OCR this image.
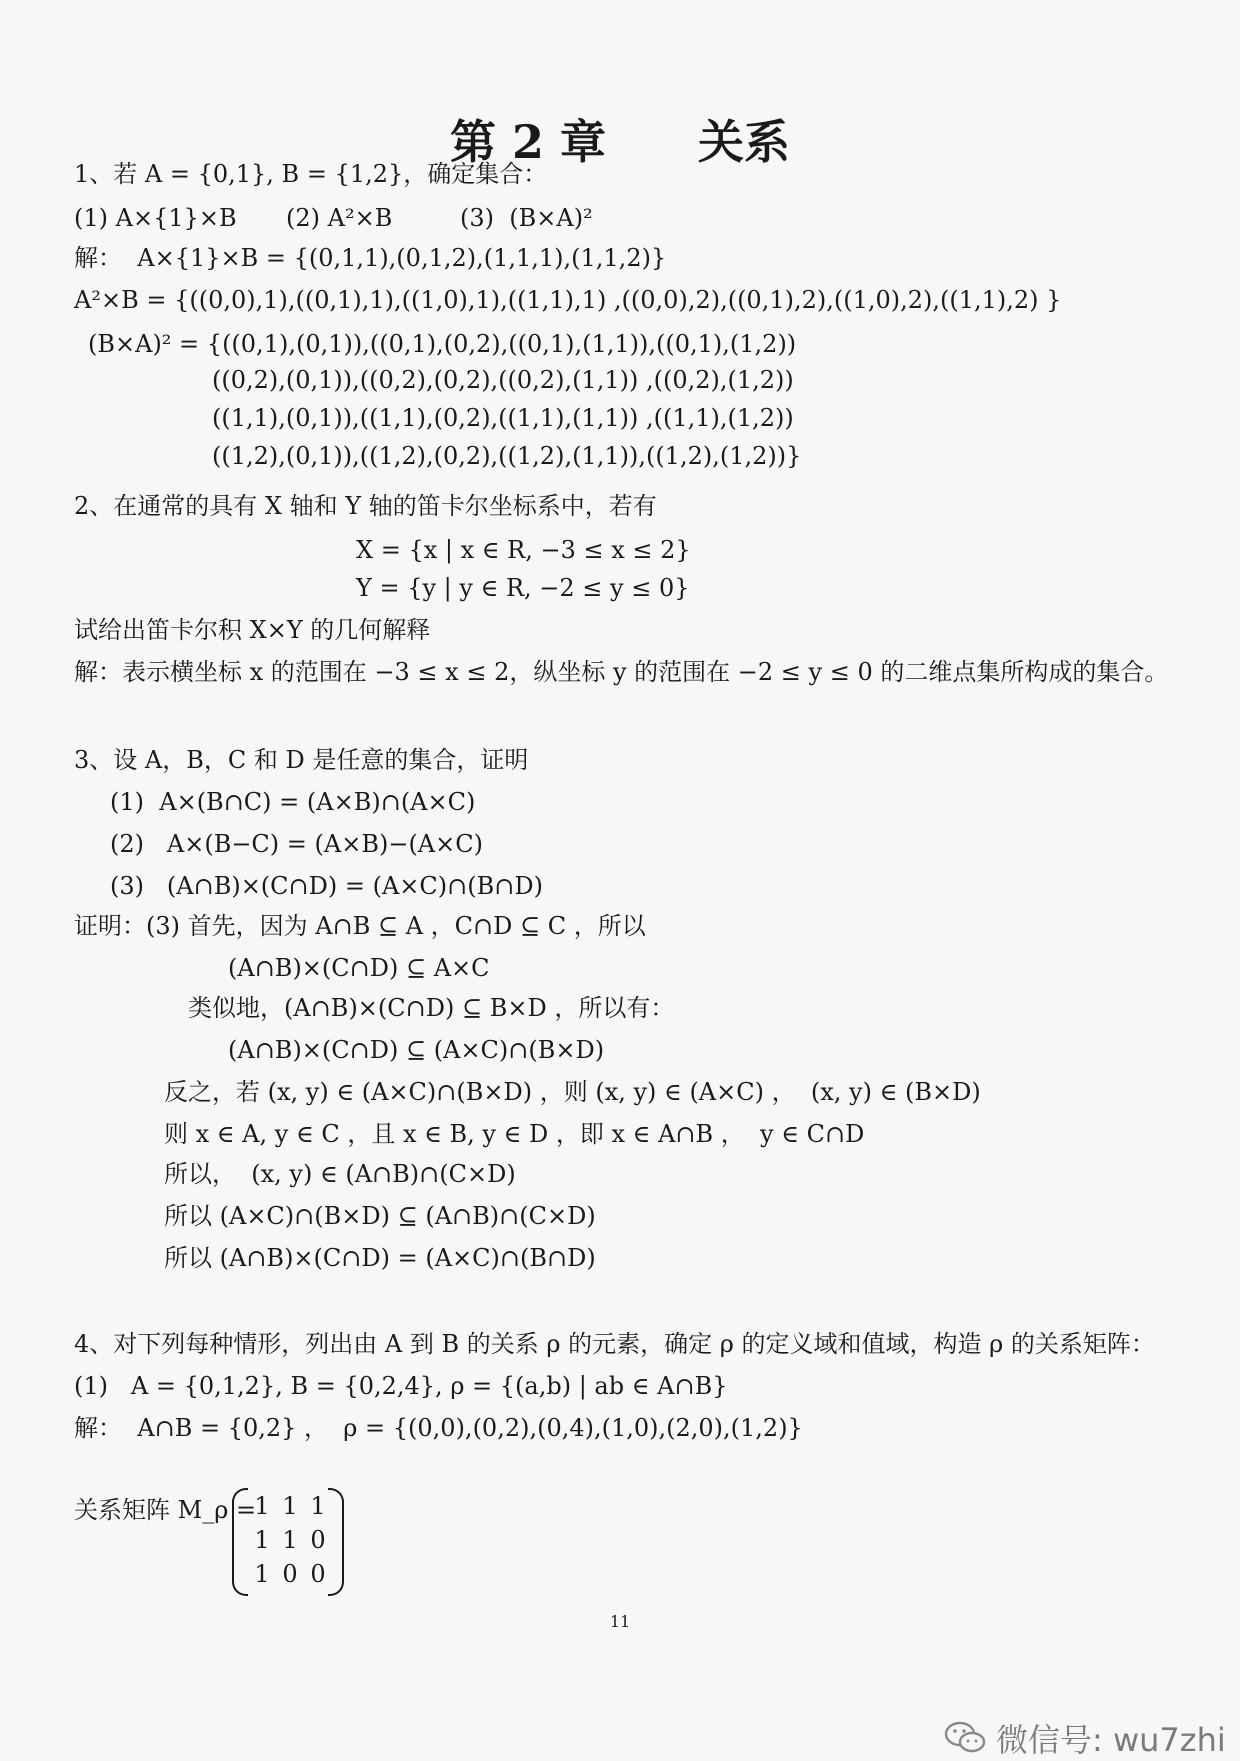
第 2 章　　关系
1、若 A = {0,1}, B = {1,2}，确定集合：
(1) A×{1}×B (2) A²×B	(3)  (B×A)²
解：  A×{1}×B = {(0,1,1),(0,1,2),(1,1,1),(1,1,2)}
A²×B = {((0,0),1),((0,1),1),((1,0),1),((1,1),1) ,((0,0),2),((0,1),2),((1,0),2),((1,1),2) }
(B×A)² = {((0,1),(0,1)),((0,1),(0,2),((0,1),(1,1)),((0,1),(1,2))
((0,2),(0,1)),((0,2),(0,2),((0,2),(1,1)) ,((0,2),(1,2))
((1,1),(0,1)),((1,1),(0,2),((1,1),(1,1)) ,((1,1),(1,2))
((1,2),(0,1)),((1,2),(0,2),((1,2),(1,1)),((1,2),(1,2))}
2、在通常的具有 X 轴和 Y 轴的笛卡尔坐标系中，若有
X = {x | x ∈ R, −3 ≤ x ≤ 2}
Y = {y | y ∈ R, −2 ≤ y ≤ 0}
试给出笛卡尔积 X×Y 的几何解释
解：表示横坐标 x 的范围在 −3 ≤ x ≤ 2，纵坐标 y 的范围在 −2 ≤ y ≤ 0 的二维点集所构成的集合。
3、设 A，B，C 和 D 是任意的集合，证明
(1)  A×(B∩C) = (A×B)∩(A×C)
(2)   A×(B−C) = (A×B)−(A×C)
(3)   (A∩B)×(C∩D) = (A×C)∩(B∩D)
证明：(3) 首先，因为 A∩B ⊆ A ，C∩D ⊆ C ，所以
(A∩B)×(C∩D) ⊆ A×C
类似地，(A∩B)×(C∩D) ⊆ B×D ，所以有：
(A∩B)×(C∩D) ⊆ (A×C)∩(B×D)
反之，若 (x, y) ∈ (A×C)∩(B×D) ，则 (x, y) ∈ (A×C) ，  (x, y) ∈ (B×D)
则 x ∈ A, y ∈ C ，且 x ∈ B, y ∈ D ，即 x ∈ A∩B ，  y ∈ C∩D
所以，  (x, y) ∈ (A∩B)∩(C×D)
所以 (A×C)∩(B×D) ⊆ (A∩B)∩(C×D)
所以 (A∩B)×(C∩D) = (A×C)∩(B∩D)
4、对下列每种情形，列出由 A 到 B 的关系 ρ 的元素，确定 ρ 的定义域和值域，构造 ρ 的关系矩阵：
(1)   A = {0,1,2}, B = {0,2,4}, ρ = {(a,b) | ab ∈ A∩B}
解：  A∩B = {0,2} ，  ρ = {(0,0),(0,2),(0,4),(1,0),(2,0),(1,2)}
关系矩阵 M_ρ =
1 1 1
1 1 0
1 0 0
11
微信号: wu7zhi
